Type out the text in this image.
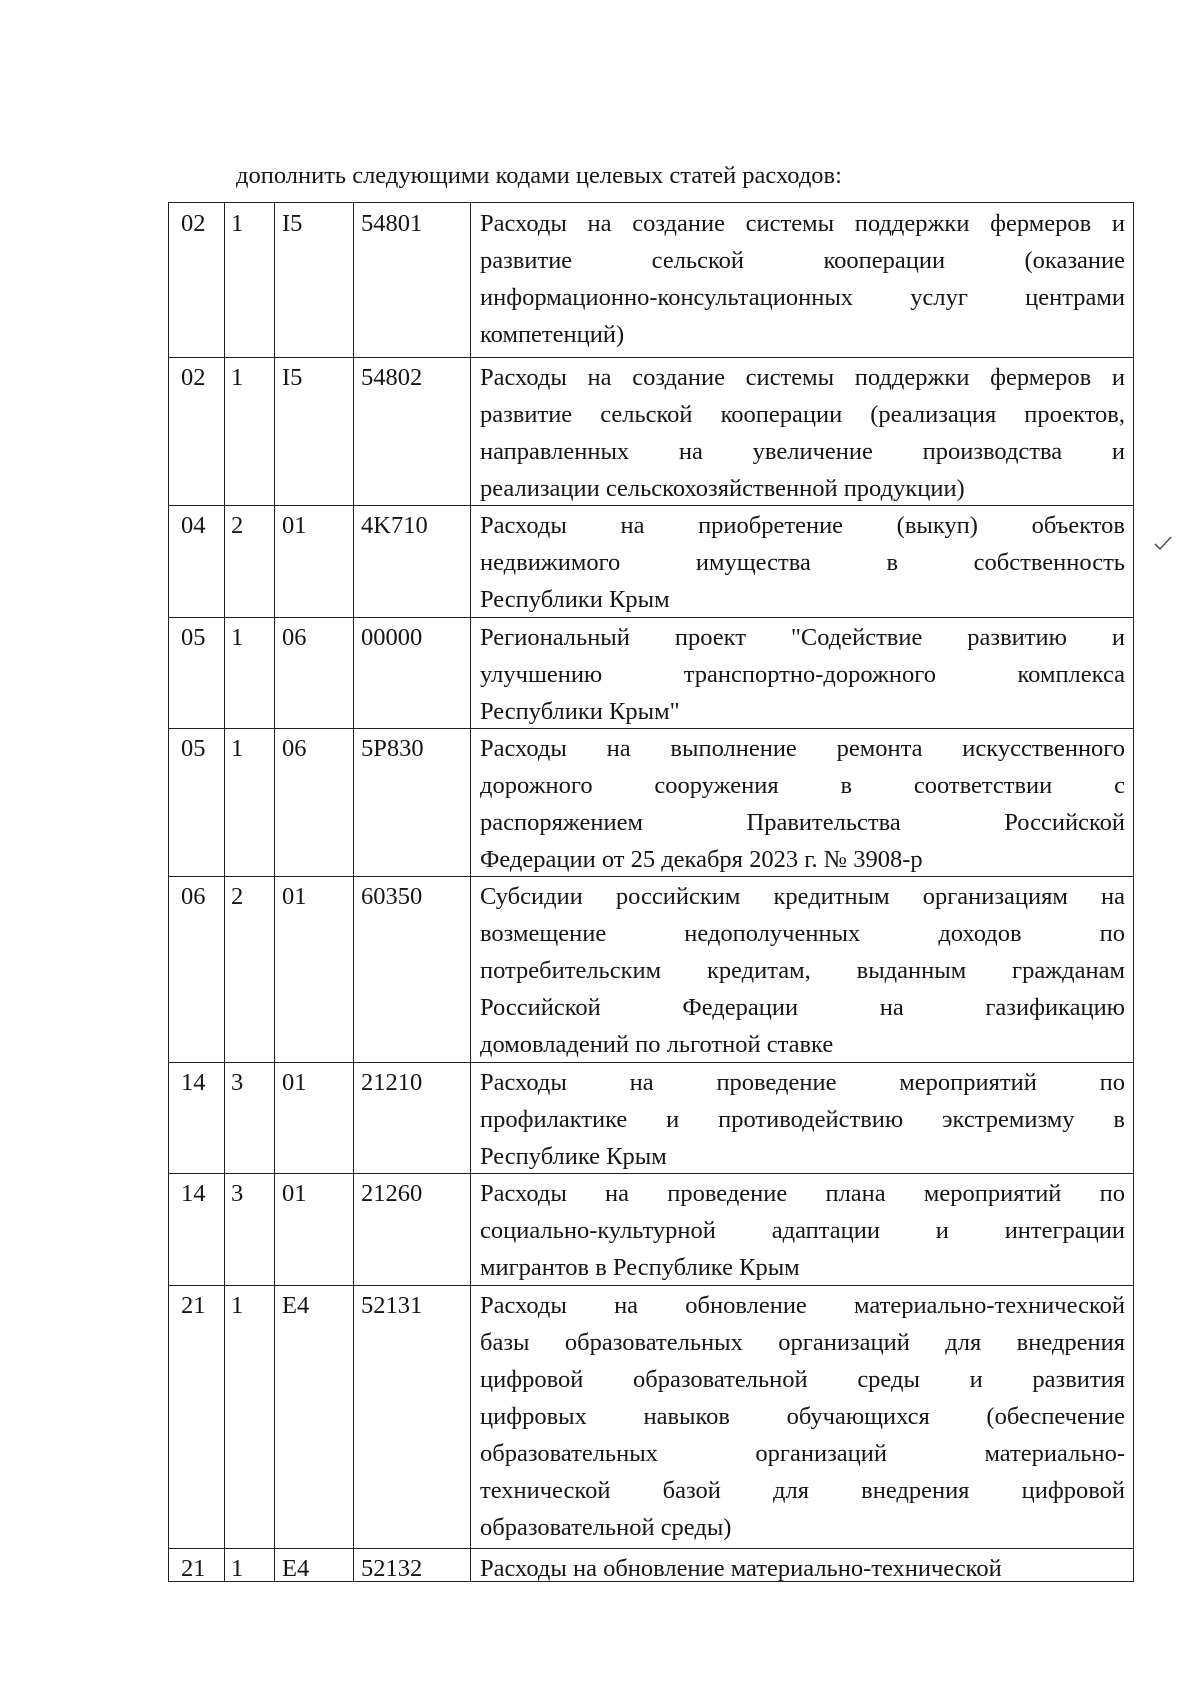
дополнить следующими кодами целевых статей расходов:
02 1 I5 54801 Расходы на создание системы поддержки фермеров и

развитие сельской кооперации (оказание

информационно-консультационных услуг центрами

компетенций)

02 1 I5 54802 Расходы на создание системы поддержки фермеров и

развитие сельской кооперации (реализация проектов,

направленных на увеличение производства и

реализации сельскохозяйственной продукции)

04 2 01 4K710 Расходы на приобретение (выкуп) объектов

недвижимого имущества в собственность

Республики Крым

05 1 06 00000 Региональный проект "Содействие развитию и

улучшению транспортно-дорожного комплекса

Республики Крым"

05 1 06 5P830 Расходы на выполнение ремонта искусственного

дорожного сооружения в соответствии с

распоряжением Правительства Российской

Федерации от 25 декабря 2023 г. № 3908-р

06 2 01 60350 Субсидии российским кредитным организациям на

возмещение недополученных доходов по

потребительским кредитам, выданным гражданам

Российской Федерации на газификацию

домовладений по льготной ставке

14 3 01 21210 Расходы на проведение мероприятий по

профилактике и противодействию экстремизму в

Республике Крым

14 3 01 21260 Расходы на проведение плана мероприятий по

социально-культурной адаптации и интеграции

мигрантов в Республике Крым

21 1 E4 52131 Расходы на обновление материально-технической

базы образовательных организаций для внедрения

цифровой образовательной среды и развития

цифровых навыков обучающихся (обеспечение

образовательных организаций материально-

технической базой для внедрения цифровой

образовательной среды)

21 1 E4 52132 Расходы на обновление материально-технической
